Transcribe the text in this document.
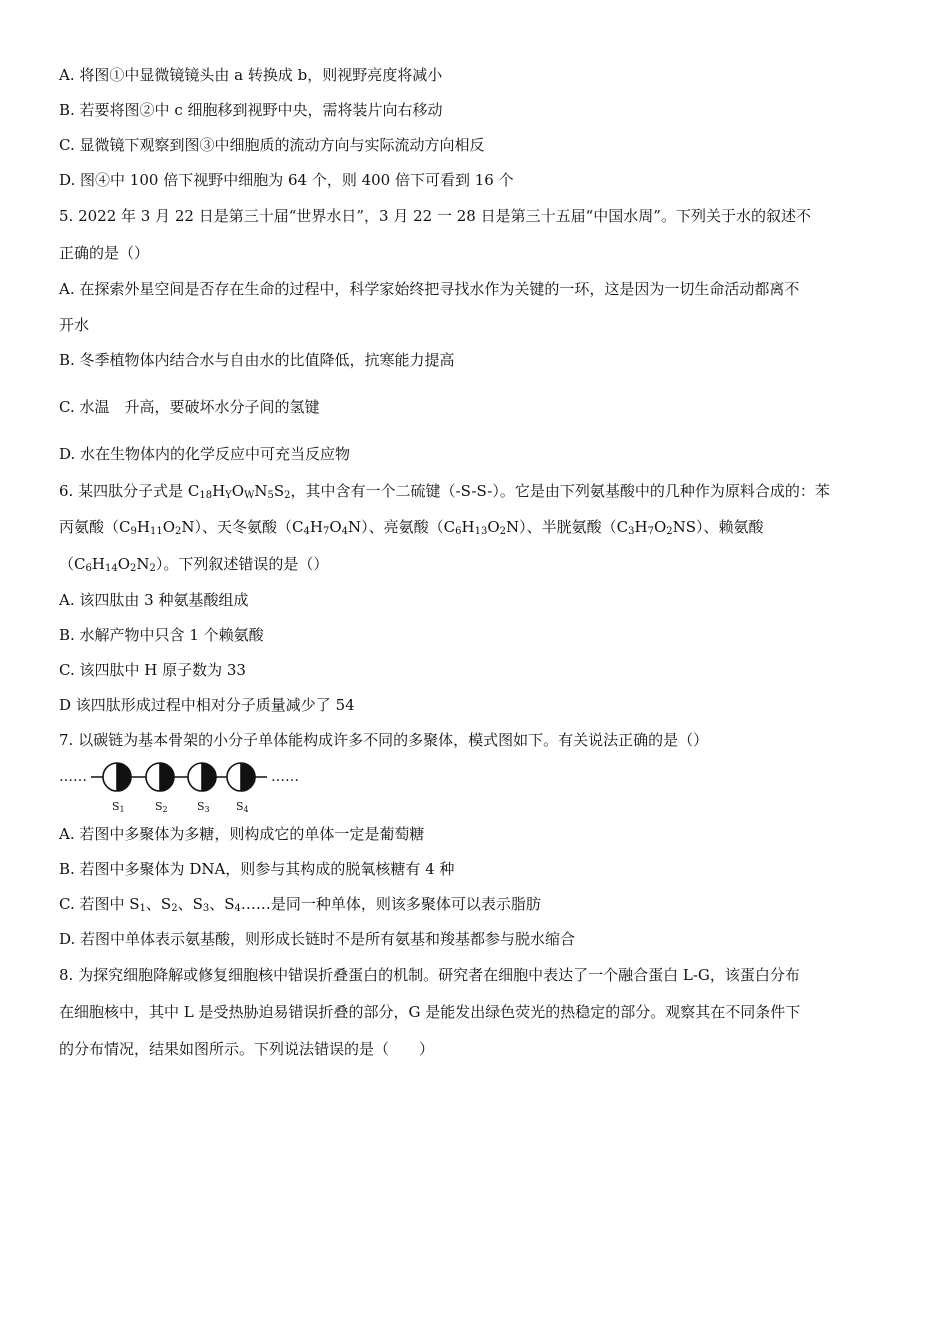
A. 将图①中显微镜镜头由 a 转换成 b，则视野亮度将减小
B. 若要将图②中 c 细胞移到视野中央，需将装片向右移动
C. 显微镜下观察到图③中细胞质的流动方向与实际流动方向相反
D. 图④中 100 倍下视野中细胞为 64 个，则 400 倍下可看到 16 个
5. 2022 年 3 月 22 日是第三十届“世界水日”，3 月 22 一 28 日是第三十五届“中国水周”。下列关于水的叙述不
正确的是（）
A. 在探索外星空间是否存在生命的过程中，科学家始终把寻找水作为关键的一环，这是因为一切生命活动都离不
开水
B. 冬季植物体内结合水与自由水的比值降低，抗寒能力提高
C. 水温　升高，要破坏水分子间的氢键
D. 水在生物体内的化学反应中可充当反应物
6. 某四肽分子式是 $C_{18}H_YO_WN_5S_2$，其中含有一个二硫键（-S-S-）。它是由下列氨基酸中的几种作为原料合成的：苯
丙氨酸$(C_9H_{11}O_2N)$、天冬氨酸$(C_4H_7O_4N)$、亮氨酸$(C_6H_{13}O_2N)$、半胱氨酸$(C_3H_7O_2NS)$、赖氨酸
$(C_6H_{14}O_2N_2)$。下列叙述错误的是（）
A. 该四肽由 3 种氨基酸组成
B. 水解产物中只含 1 个赖氨酸
C. 该四肽中 H 原子数为 33
D 该四肽形成过程中相对分子质量减少了 54
7. 以碳链为基本骨架的小分子单体能构成许多不同的多聚体，模式图如下。有关说法正确的是（）
……	……
S1	S2	S3 S4
A. 若图中多聚体为多糖，则构成它的单体一定是葡萄糖
B. 若图中多聚体为 DNA，则参与其构成的脱氧核糖有 4 种
C. 若图中 $S_1$、$S_2$、$S_3$、$S_4\dots\dots$是同一种单体，则该多聚体可以表示脂肪
D. 若图中单体表示氨基酸，则形成长链时不是所有氨基和羧基都参与脱水缩合
8. 为探究细胞降解或修复细胞核中错误折叠蛋白的机制。研究者在细胞中表达了一个融合蛋白 L-G，该蛋白分布
在细胞核中，其中 L 是受热胁迫易错误折叠的部分，G 是能发出绿色荧光的热稳定的部分。观察其在不同条件下
的分布情况，结果如图所示。下列说法错误的是（　　）
